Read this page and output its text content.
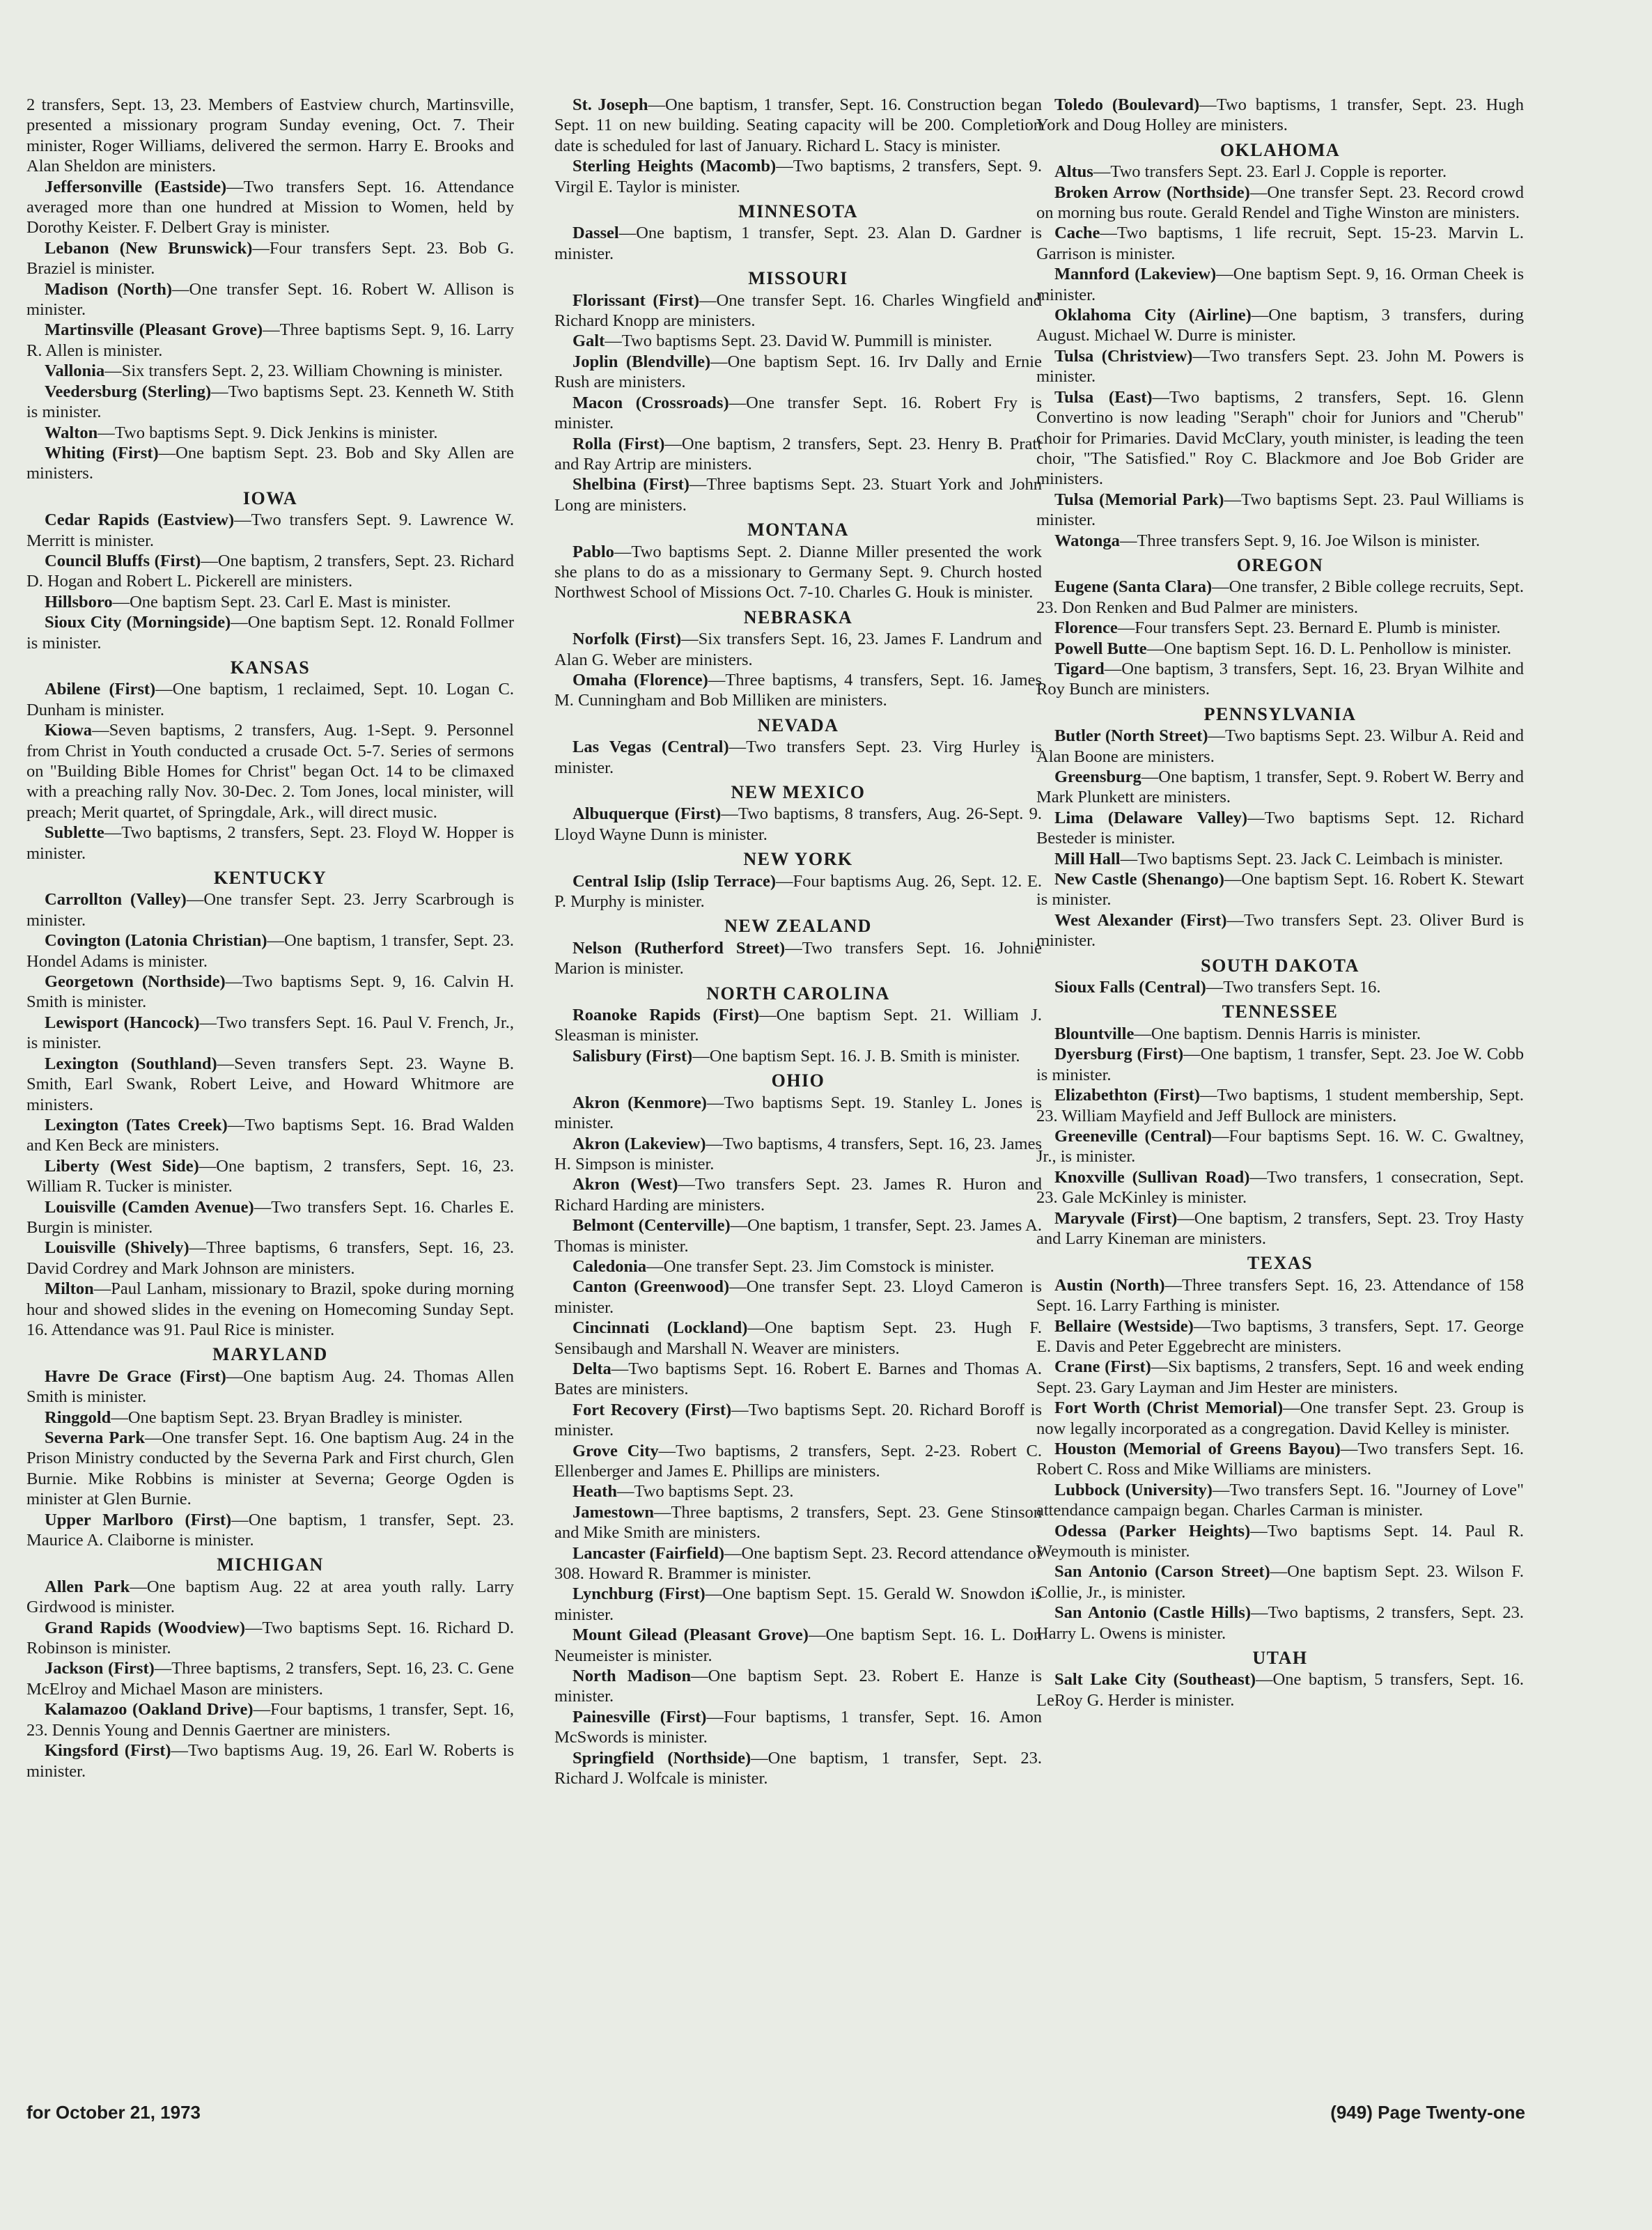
2 transfers, Sept. 13, 23. Members of Eastview church, Martinsville, presented a missionary program Sunday evening, Oct. 7. Their minister, Roger Williams, delivered the sermon. Harry E. Brooks and Alan Sheldon are ministers.

Jeffersonville (Eastside)—Two transfers Sept. 16. Attendance averaged more than one hundred at Mission to Women, held by Dorothy Keister. F. Delbert Gray is minister.

Lebanon (New Brunswick)—Four transfers Sept. 23. Bob G. Braziel is minister.

Madison (North)—One transfer Sept. 16. Robert W. Allison is minister.

Martinsville (Pleasant Grove)—Three baptisms Sept. 9, 16. Larry R. Allen is minister.

Vallonia—Six transfers Sept. 2, 23. William Chowning is minister.

Veedersburg (Sterling)—Two baptisms Sept. 23. Kenneth W. Stith is minister.

Walton—Two baptisms Sept. 9. Dick Jenkins is minister.

Whiting (First)—One baptism Sept. 23. Bob and Sky Allen are ministers.

IOWA

Cedar Rapids (Eastview)—Two transfers Sept. 9. Lawrence W. Merritt is minister.

Council Bluffs (First)—One baptism, 2 transfers, Sept. 23. Richard D. Hogan and Robert L. Pickerell are ministers.

Hillsboro—One baptism Sept. 23. Carl E. Mast is minister.

Sioux City (Morningside)—One baptism Sept. 12. Ronald Follmer is minister.

KANSAS

Abilene (First)—One baptism, 1 reclaimed, Sept. 10. Logan C. Dunham is minister.

Kiowa—Seven baptisms, 2 transfers, Aug. 1-Sept. 9. Personnel from Christ in Youth conducted a crusade Oct. 5-7. Series of sermons on "Building Bible Homes for Christ" began Oct. 14 to be climaxed with a preaching rally Nov. 30-Dec. 2. Tom Jones, local minister, will preach; Merit quartet, of Springdale, Ark., will direct music.

Sublette—Two baptisms, 2 transfers, Sept. 23. Floyd W. Hopper is minister.

KENTUCKY

Carrollton (Valley)—One transfer Sept. 23. Jerry Scarbrough is minister.

Covington (Latonia Christian)—One baptism, 1 transfer, Sept. 23. Hondel Adams is minister.

Georgetown (Northside)—Two baptisms Sept. 9, 16. Calvin H. Smith is minister.

Lewisport (Hancock)—Two transfers Sept. 16. Paul V. French, Jr., is minister.

Lexington (Southland)—Seven transfers Sept. 23. Wayne B. Smith, Earl Swank, Robert Leive, and Howard Whitmore are ministers.

Lexington (Tates Creek)—Two baptisms Sept. 16. Brad Walden and Ken Beck are ministers.

Liberty (West Side)—One baptism, 2 transfers, Sept. 16, 23. William R. Tucker is minister.

Louisville (Camden Avenue)—Two transfers Sept. 16. Charles E. Burgin is minister.

Louisville (Shively)—Three baptisms, 6 transfers, Sept. 16, 23. David Cordrey and Mark Johnson are ministers.

Milton—Paul Lanham, missionary to Brazil, spoke during morning hour and showed slides in the evening on Homecoming Sunday Sept. 16. Attendance was 91. Paul Rice is minister.

MARYLAND

Havre De Grace (First)—One baptism Aug. 24. Thomas Allen Smith is minister.

Ringgold—One baptism Sept. 23. Bryan Bradley is minister.

Severna Park—One transfer Sept. 16. One baptism Aug. 24 in the Prison Ministry conducted by the Severna Park and First church, Glen Burnie. Mike Robbins is minister at Severna; George Ogden is minister at Glen Burnie.

Upper Marlboro (First)—One baptism, 1 transfer, Sept. 23. Maurice A. Claiborne is minister.

MICHIGAN

Allen Park—One baptism Aug. 22 at area youth rally. Larry Girdwood is minister.

Grand Rapids (Woodview)—Two baptisms Sept. 16. Richard D. Robinson is minister.

Jackson (First)—Three baptisms, 2 transfers, Sept. 16, 23. C. Gene McElroy and Michael Mason are ministers.

Kalamazoo (Oakland Drive)—Four baptisms, 1 transfer, Sept. 16, 23. Dennis Young and Dennis Gaertner are ministers.

Kingsford (First)—Two baptisms Aug. 19, 26. Earl W. Roberts is minister.

St. Joseph—One baptism, 1 transfer, Sept. 16. Construction began Sept. 11 on new building. Seating capacity will be 200. Completion date is scheduled for last of January. Richard L. Stacy is minister.

Sterling Heights (Macomb)—Two baptisms, 2 transfers, Sept. 9. Virgil E. Taylor is minister.

MINNESOTA

Dassel—One baptism, 1 transfer, Sept. 23. Alan D. Gardner is minister.

MISSOURI

Florissant (First)—One transfer Sept. 16. Charles Wingfield and Richard Knopp are ministers.

Galt—Two baptisms Sept. 23. David W. Pummill is minister.

Joplin (Blendville)—One baptism Sept. 16. Irv Dally and Ernie Rush are ministers.

Macon (Crossroads)—One transfer Sept. 16. Robert Fry is minister.

Rolla (First)—One baptism, 2 transfers, Sept. 23. Henry B. Pratt and Ray Artrip are ministers.

Shelbina (First)—Three baptisms Sept. 23. Stuart York and John Long are ministers.

MONTANA

Pablo—Two baptisms Sept. 2. Dianne Miller presented the work she plans to do as a missionary to Germany Sept. 9. Church hosted Northwest School of Missions Oct. 7-10. Charles G. Houk is minister.

NEBRASKA

Norfolk (First)—Six transfers Sept. 16, 23. James F. Landrum and Alan G. Weber are ministers.

Omaha (Florence)—Three baptisms, 4 transfers, Sept. 16. James M. Cunningham and Bob Milliken are ministers.

NEVADA

Las Vegas (Central)—Two transfers Sept. 23. Virg Hurley is minister.

NEW MEXICO

Albuquerque (First)—Two baptisms, 8 transfers, Aug. 26-Sept. 9. Lloyd Wayne Dunn is minister.

NEW YORK

Central Islip (Islip Terrace)—Four baptisms Aug. 26, Sept. 12. E. P. Murphy is minister.

NEW ZEALAND

Nelson (Rutherford Street)—Two transfers Sept. 16. Johnie Marion is minister.

NORTH CAROLINA

Roanoke Rapids (First)—One baptism Sept. 21. William J. Sleasman is minister.

Salisbury (First)—One baptism Sept. 16. J. B. Smith is minister.

OHIO

Akron (Kenmore)—Two baptisms Sept. 19. Stanley L. Jones is minister.

Akron (Lakeview)—Two baptisms, 4 transfers, Sept. 16, 23. James H. Simpson is minister.

Akron (West)—Two transfers Sept. 23. James R. Huron and Richard Harding are ministers.

Belmont (Centerville)—One baptism, 1 transfer, Sept. 23. James A. Thomas is minister.

Caledonia—One transfer Sept. 23. Jim Comstock is minister.

Canton (Greenwood)—One transfer Sept. 23. Lloyd Cameron is minister.

Cincinnati (Lockland)—One baptism Sept. 23. Hugh F. Sensibaugh and Marshall N. Weaver are ministers.

Delta—Two baptisms Sept. 16. Robert E. Barnes and Thomas A. Bates are ministers.

Fort Recovery (First)—Two baptisms Sept. 20. Richard Boroff is minister.

Grove City—Two baptisms, 2 transfers, Sept. 2-23. Robert C. Ellenberger and James E. Phillips are ministers.

Heath—Two baptisms Sept. 23.

Jamestown—Three baptisms, 2 transfers, Sept. 23. Gene Stinson and Mike Smith are ministers.

Lancaster (Fairfield)—One baptism Sept. 23. Record attendance of 308. Howard R. Brammer is minister.

Lynchburg (First)—One baptism Sept. 15. Gerald W. Snowdon is minister.

Mount Gilead (Pleasant Grove)—One baptism Sept. 16. L. Don Neumeister is minister.

North Madison—One baptism Sept. 23. Robert E. Hanze is minister.

Painesville (First)—Four baptisms, 1 transfer, Sept. 16. Amon McSwords is minister.

Springfield (Northside)—One baptism, 1 transfer, Sept. 23. Richard J. Wolfcale is minister.

Toledo (Boulevard)—Two baptisms, 1 transfer, Sept. 23. Hugh York and Doug Holley are ministers.

OKLAHOMA

Altus—Two transfers Sept. 23. Earl J. Copple is reporter.

Broken Arrow (Northside)—One transfer Sept. 23. Record crowd on morning bus route. Gerald Rendel and Tighe Winston are ministers.

Cache—Two baptisms, 1 life recruit, Sept. 15-23. Marvin L. Garrison is minister.

Mannford (Lakeview)—One baptism Sept. 9, 16. Orman Cheek is minister.

Oklahoma City (Airline)—One baptism, 3 transfers, during August. Michael W. Durre is minister.

Tulsa (Christview)—Two transfers Sept. 23. John M. Powers is minister.

Tulsa (East)—Two baptisms, 2 transfers, Sept. 16. Glenn Convertino is now leading "Seraph" choir for Juniors and "Cherub" choir for Primaries. David McClary, youth minister, is leading the teen choir, "The Satisfied." Roy C. Blackmore and Joe Bob Grider are ministers.

Tulsa (Memorial Park)—Two baptisms Sept. 23. Paul Williams is minister.

Watonga—Three transfers Sept. 9, 16. Joe Wilson is minister.

OREGON

Eugene (Santa Clara)—One transfer, 2 Bible college recruits, Sept. 23. Don Renken and Bud Palmer are ministers.

Florence—Four transfers Sept. 23. Bernard E. Plumb is minister.

Powell Butte—One baptism Sept. 16. D. L. Penhollow is minister.

Tigard—One baptism, 3 transfers, Sept. 16, 23. Bryan Wilhite and Roy Bunch are ministers.

PENNSYLVANIA

Butler (North Street)—Two baptisms Sept. 23. Wilbur A. Reid and Alan Boone are ministers.

Greensburg—One baptism, 1 transfer, Sept. 9. Robert W. Berry and Mark Plunkett are ministers.

Lima (Delaware Valley)—Two baptisms Sept. 12. Richard Besteder is minister.

Mill Hall—Two baptisms Sept. 23. Jack C. Leimbach is minister.

New Castle (Shenango)—One baptism Sept. 16. Robert K. Stewart is minister.

West Alexander (First)—Two transfers Sept. 23. Oliver Burd is minister.

SOUTH DAKOTA

Sioux Falls (Central)—Two transfers Sept. 16.

TENNESSEE

Blountville—One baptism. Dennis Harris is minister.

Dyersburg (First)—One baptism, 1 transfer, Sept. 23. Joe W. Cobb is minister.

Elizabethton (First)—Two baptisms, 1 student membership, Sept. 23. William Mayfield and Jeff Bullock are ministers.

Greeneville (Central)—Four baptisms Sept. 16. W. C. Gwaltney, Jr., is minister.

Knoxville (Sullivan Road)—Two transfers, 1 consecration, Sept. 23. Gale McKinley is minister.

Maryvale (First)—One baptism, 2 transfers, Sept. 23. Troy Hasty and Larry Kineman are ministers.

TEXAS

Austin (North)—Three transfers Sept. 16, 23. Attendance of 158 Sept. 16. Larry Farthing is minister.

Bellaire (Westside)—Two baptisms, 3 transfers, Sept. 17. George E. Davis and Peter Eggebrecht are ministers.

Crane (First)—Six baptisms, 2 transfers, Sept. 16 and week ending Sept. 23. Gary Layman and Jim Hester are ministers.

Fort Worth (Christ Memorial)—One transfer Sept. 23. Group is now legally incorporated as a congregation. David Kelley is minister.

Houston (Memorial of Greens Bayou)—Two transfers Sept. 16. Robert C. Ross and Mike Williams are ministers.

Lubbock (University)—Two transfers Sept. 16. "Journey of Love" attendance campaign began. Charles Carman is minister.

Odessa (Parker Heights)—Two baptisms Sept. 14. Paul R. Weymouth is minister.

San Antonio (Carson Street)—One baptism Sept. 23. Wilson F. Collie, Jr., is minister.

San Antonio (Castle Hills)—Two baptisms, 2 transfers, Sept. 23. Harry L. Owens is minister.

UTAH

Salt Lake City (Southeast)—One baptism, 5 transfers, Sept. 16. LeRoy G. Herder is minister.

for October 21, 1973	(949) Page Twenty-one
